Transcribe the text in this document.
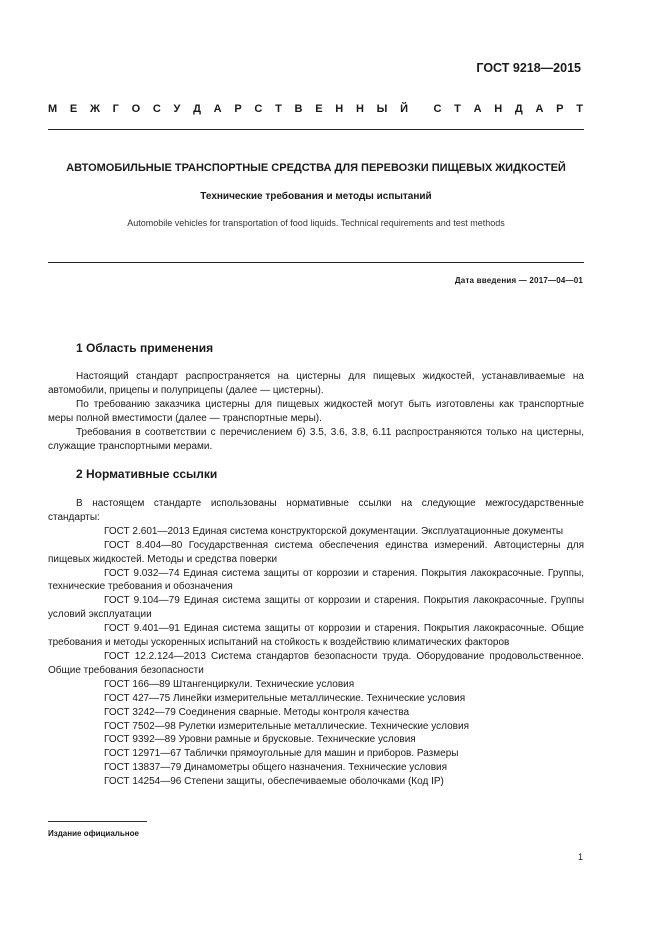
ГОСТ 9218—2015
М Е Ж Г О С У Д А Р С Т В Е Н Н Ы Й С Т А Н Д А Р Т
АВТОМОБИЛЬНЫЕ ТРАНСПОРТНЫЕ СРЕДСТВА ДЛЯ ПЕРЕВОЗКИ ПИЩЕВЫХ ЖИДКОСТЕЙ
Технические требования и методы испытаний
Automobile vehicles for transportation of food liquids. Technical requirements and test methods
Дата введения — 2017—04—01
1 Область применения

Настоящий стандарт распространяется на цистерны для пищевых жидкостей, устанавливаемые на автомобили, прицепы и полуприцепы (далее — цистерны).

По требованию заказчика цистерны для пищевых жидкостей могут быть изготовлены как транспортные меры полной вместимости (далее — транспортные меры).

Требования в соответствии с перечислением б) 3.5, 3.6, 3.8, 6.11 распространяются только на цистерны, служащие транспортными мерами.

2 Нормативные ссылки

В настоящем стандарте использованы нормативные ссылки на следующие межгосударственные стандарты:

ГОСТ 2.601—2013 Единая система конструкторской документации. Эксплуатационные документы

ГОСТ 8.404—80 Государственная система обеспечения единства измерений. Автоцистерны для пищевых жидкостей. Методы и средства поверки

ГОСТ 9.032—74 Единая система защиты от коррозии и старения. Покрытия лакокрасочные. Группы, технические требования и обозначения

ГОСТ 9.104—79 Единая система защиты от коррозии и старения. Покрытия лакокрасочные. Группы условий эксплуатации

ГОСТ 9.401—91 Единая система защиты от коррозии и старения. Покрытия лакокрасочные. Общие требования и методы ускоренных испытаний на стойкость к воздействию климатических факторов

ГОСТ 12.2.124—2013 Система стандартов безопасности труда. Оборудование продовольственное. Общие требования безопасности

ГОСТ 166—89 Штангенциркули. Технические условия

ГОСТ 427—75 Линейки измерительные металлические. Технические условия

ГОСТ 3242—79 Соединения сварные. Методы контроля качества

ГОСТ 7502—98 Рулетки измерительные металлические. Технические условия

ГОСТ 9392—89 Уровни рамные и брусковые. Технические условия

ГОСТ 12971—67 Таблички прямоугольные для машин и приборов. Размеры

ГОСТ 13837—79 Динамометры общего назначения. Технические условия

ГОСТ 14254—96 Степени защиты, обеспечиваемые оболочками (Код IP)

Издание официальное
1
